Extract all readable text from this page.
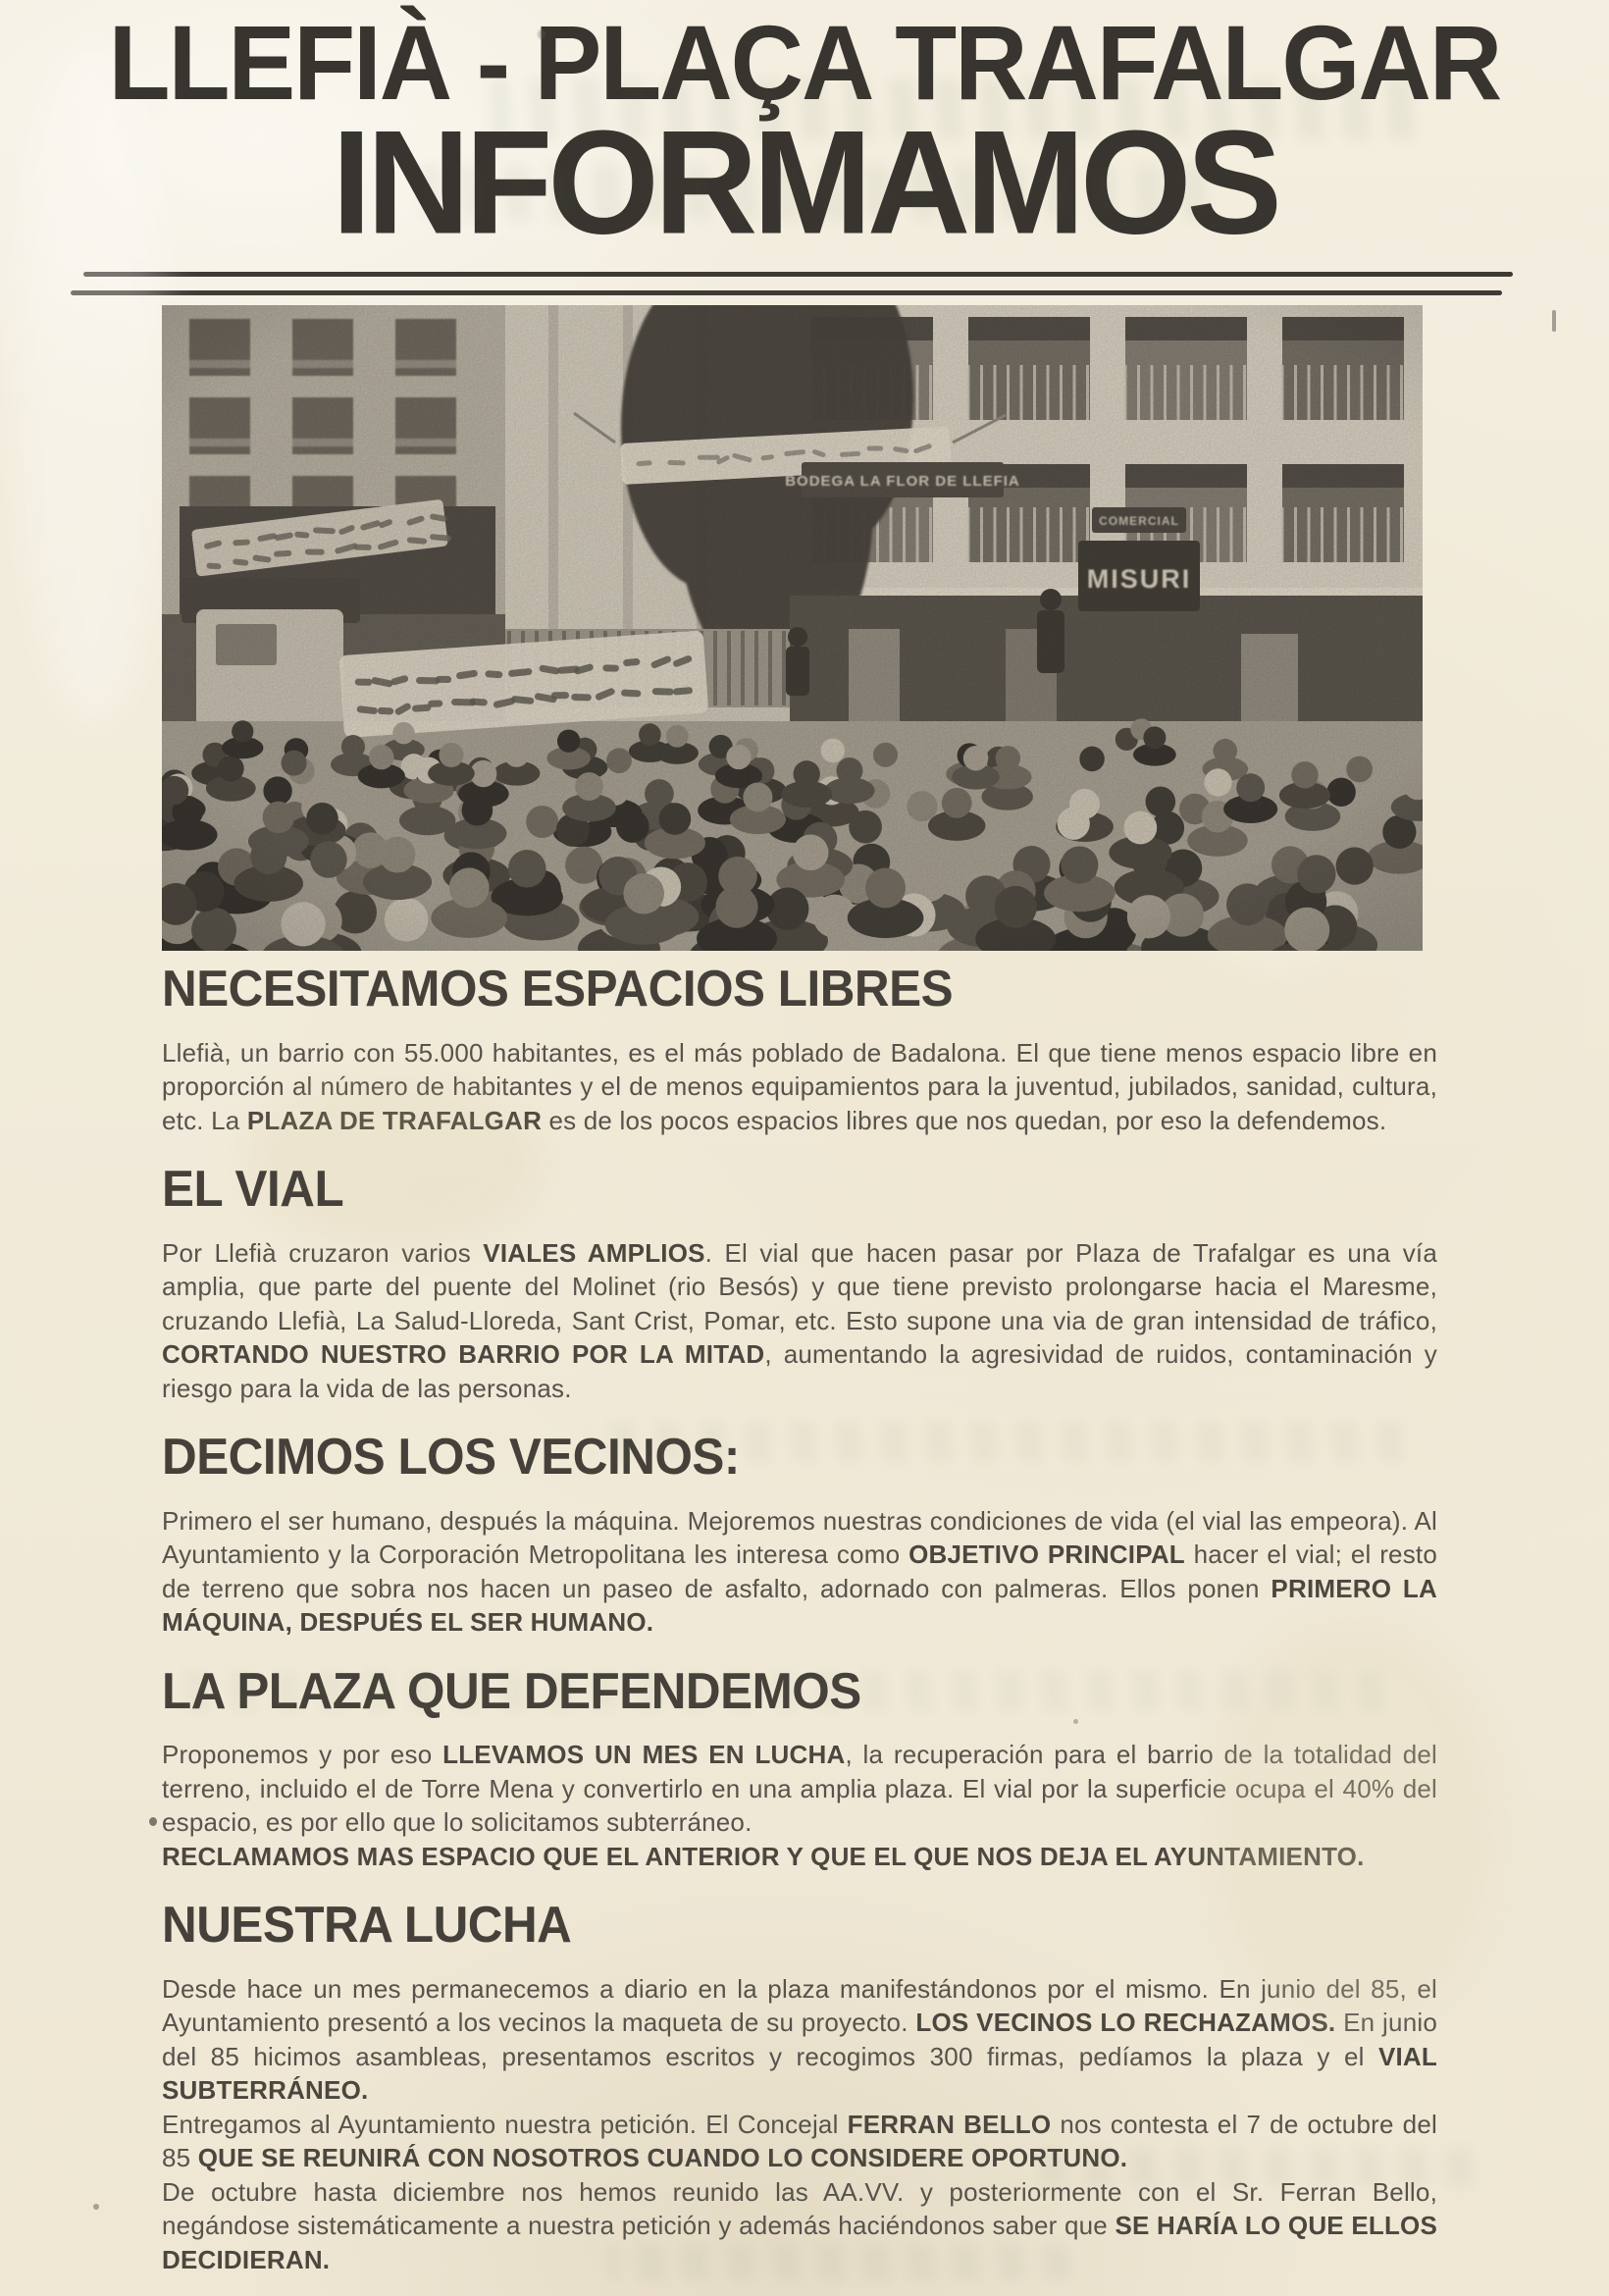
LLEFIÀ - PLAÇA TRAFALGAR
INFORMAMOS
NECESITAMOS ESPACIOS LIBRES

Llefià, un barrio con 55.000 habitantes, es el más poblado de Badalona. El que tiene menos espacio libre en proporción al número de habitantes y el de menos equipamientos para la juventud, jubilados, sanidad, cultura, etc. La PLAZA DE TRAFALGAR es de los pocos espacios libres que nos quedan, por eso la defendemos.

EL VIAL

Por Llefià cruzaron varios VIALES AMPLIOS. El vial que hacen pasar por Plaza de Trafalgar es una vía amplia, que parte del puente del Molinet (rio Besós) y que tiene previsto prolongarse hacia el Maresme, cruzando Llefià, La Salud-Lloreda, Sant Crist, Pomar, etc. Esto supone una via de gran intensidad de tráfico, CORTANDO NUESTRO BARRIO POR LA MITAD, aumentando la agresividad de ruidos, contaminación y riesgo para la vida de las personas.

DECIMOS LOS VECINOS:

Primero el ser humano, después la máquina. Mejoremos nuestras condiciones de vida (el vial las empeora). Al Ayuntamiento y la Corporación Metropolitana les interesa como OBJETIVO PRINCIPAL hacer el vial; el resto de terreno que sobra nos hacen un paseo de asfalto, adornado con palmeras. Ellos ponen PRIMERO LA MÁQUINA, DESPUÉS EL SER HUMANO.

LA PLAZA QUE DEFENDEMOS

Proponemos y por eso LLEVAMOS UN MES EN LUCHA, la recuperación para el barrio de la totalidad del terreno, incluido el de Torre Mena y convertirlo en una amplia plaza. El vial por la superficie ocupa el 40% del espacio, es por ello que lo solicitamos subterráneo.

RECLAMAMOS MAS ESPACIO QUE EL ANTERIOR Y QUE EL QUE NOS DEJA EL AYUNTAMIENTO.

NUESTRA LUCHA

Desde hace un mes permanecemos a diario en la plaza manifestándonos por el mismo. En junio del 85, el Ayuntamiento presentó a los vecinos la maqueta de su proyecto. LOS VECINOS LO RECHAZAMOS. En junio del 85 hicimos asambleas, presentamos escritos y recogimos 300 firmas, pedíamos la plaza y el VIAL SUBTERRÁNEO.

Entregamos al Ayuntamiento nuestra petición. El Concejal FERRAN BELLO nos contesta el 7 de octubre del 85 QUE SE REUNIRÁ CON NOSOTROS CUANDO LO CONSIDERE OPORTUNO.

De octubre hasta diciembre nos hemos reunido las AA.VV. y posteriormente con el Sr. Ferran Bello, negándose sistemáticamente a nuestra petición y además haciéndonos saber que SE HARÍA LO QUE ELLOS DECIDIERAN.
